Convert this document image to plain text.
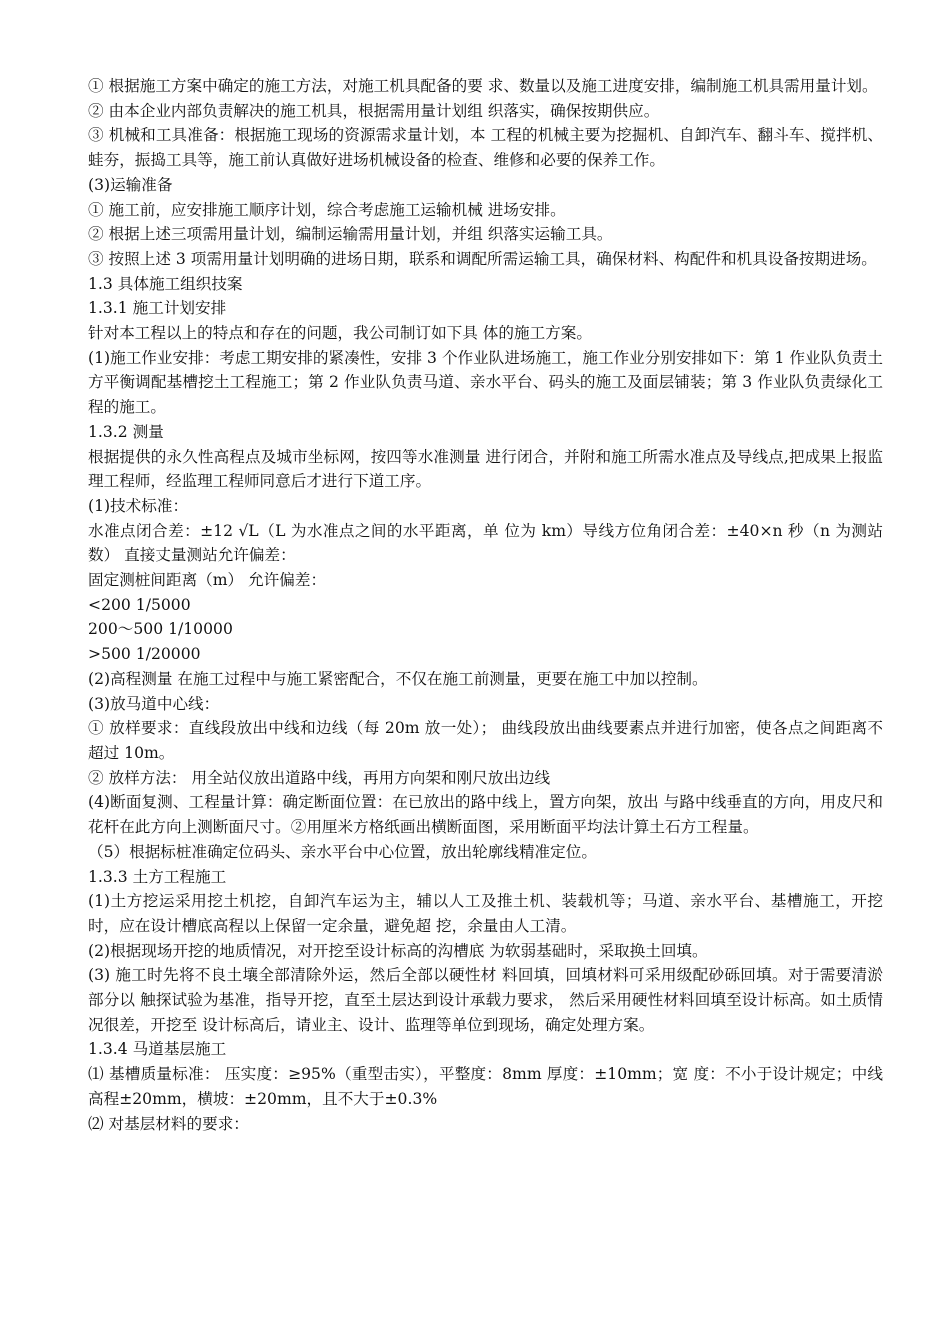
① 根据施工方案中确定的施工方法，对施工机具配备的要 求、数量以及施工进度安排，编制施工机具需用量计划。

② 由本企业内部负责解决的施工机具，根据需用量计划组 织落实，确保按期供应。

③ 机械和工具准备：根据施工现场的资源需求量计划，本 工程的机械主要为挖掘机、自卸汽车、翻斗车、搅拌机、蛙夯，振捣工具等，施工前认真做好进场机械设备的检查、维修和必要的保养工作。

(3)运输准备

① 施工前，应安排施工顺序计划，综合考虑施工运输机械 进场安排。

② 根据上述三项需用量计划，编制运输需用量计划，并组 织落实运输工具。

③ 按照上述 3 项需用量计划明确的进场日期，联系和调配所需运输工具，确保材料、构配件和机具设备按期进场。

1.3 具体施工组织技案

1.3.1 施工计划安排

针对本工程以上的特点和存在的问题，我公司制订如下具 体的施工方案。

(1)施工作业安排：考虑工期安排的紧凑性，安排 3 个作业队进场施工，施工作业分别安排如下：第 1 作业队负责土方平衡调配基槽挖土工程施工；第 2 作业队负责马道、亲水平台、码头的施工及面层铺装；第 3 作业队负责绿化工程的施工。

1.3.2 测量

根据提供的永久性高程点及城市坐标网，按四等水准测量 进行闭合，并附和施工所需水准点及导线点,把成果上报监理工程师，经监理工程师同意后才进行下道工序。

(1)技术标准：

水准点闭合差：±12 √L（L 为水准点之间的水平距离，单 位为 km）导线方位角闭合差：±40×n 秒（n 为测站数） 直接丈量测站允许偏差：

固定测桩间距离（m） 允许偏差：

<200 1/5000

200～500 1/10000

>500 1/20000

(2)高程测量 在施工过程中与施工紧密配合，不仅在施工前测量，更要在施工中加以控制。

(3)放马道中心线：

① 放样要求：直线段放出中线和边线（每 20m 放一处）； 曲线段放出曲线要素点并进行加密，使各点之间距离不超过 10m。

② 放样方法： 用全站仪放出道路中线，再用方向架和刚尺放出边线

(4)断面复测、工程量计算：确定断面位置：在已放出的路中线上，置方向架，放出 与路中线垂直的方向，用皮尺和花杆在此方向上测断面尺寸。②用厘米方格纸画出横断面图，采用断面平均法计算土石方工程量。

（5）根据标桩准确定位码头、亲水平台中心位置，放出轮廓线精准定位。

1.3.3 土方工程施工

(1)土方挖运采用挖土机挖，自卸汽车运为主，辅以人工及推土机、装载机等；马道、亲水平台、基槽施工，开挖时，应在设计槽底高程以上保留一定余量，避免超 挖，余量由人工清。

(2)根据现场开挖的地质情况，对开挖至设计标高的沟槽底 为软弱基础时，采取换土回填。

(3) 施工时先将不良土壤全部清除外运，然后全部以硬性材 料回填，回填材料可采用级配砂砾回填。对于需要清淤部分以 触探试验为基准，指导开挖，直至土层达到设计承载力要求， 然后采用硬性材料回填至设计标高。如土质情况很差，开挖至 设计标高后，请业主、设计、监理等单位到现场，确定处理方案。

1.3.4 马道基层施工

⑴ 基槽质量标准： 压实度：≥95%（重型击实），平整度：8mm 厚度：±10mm；宽 度：不小于设计规定；中线高程±20mm，横坡：±20mm，且不大于±0.3%

⑵ 对基层材料的要求：
